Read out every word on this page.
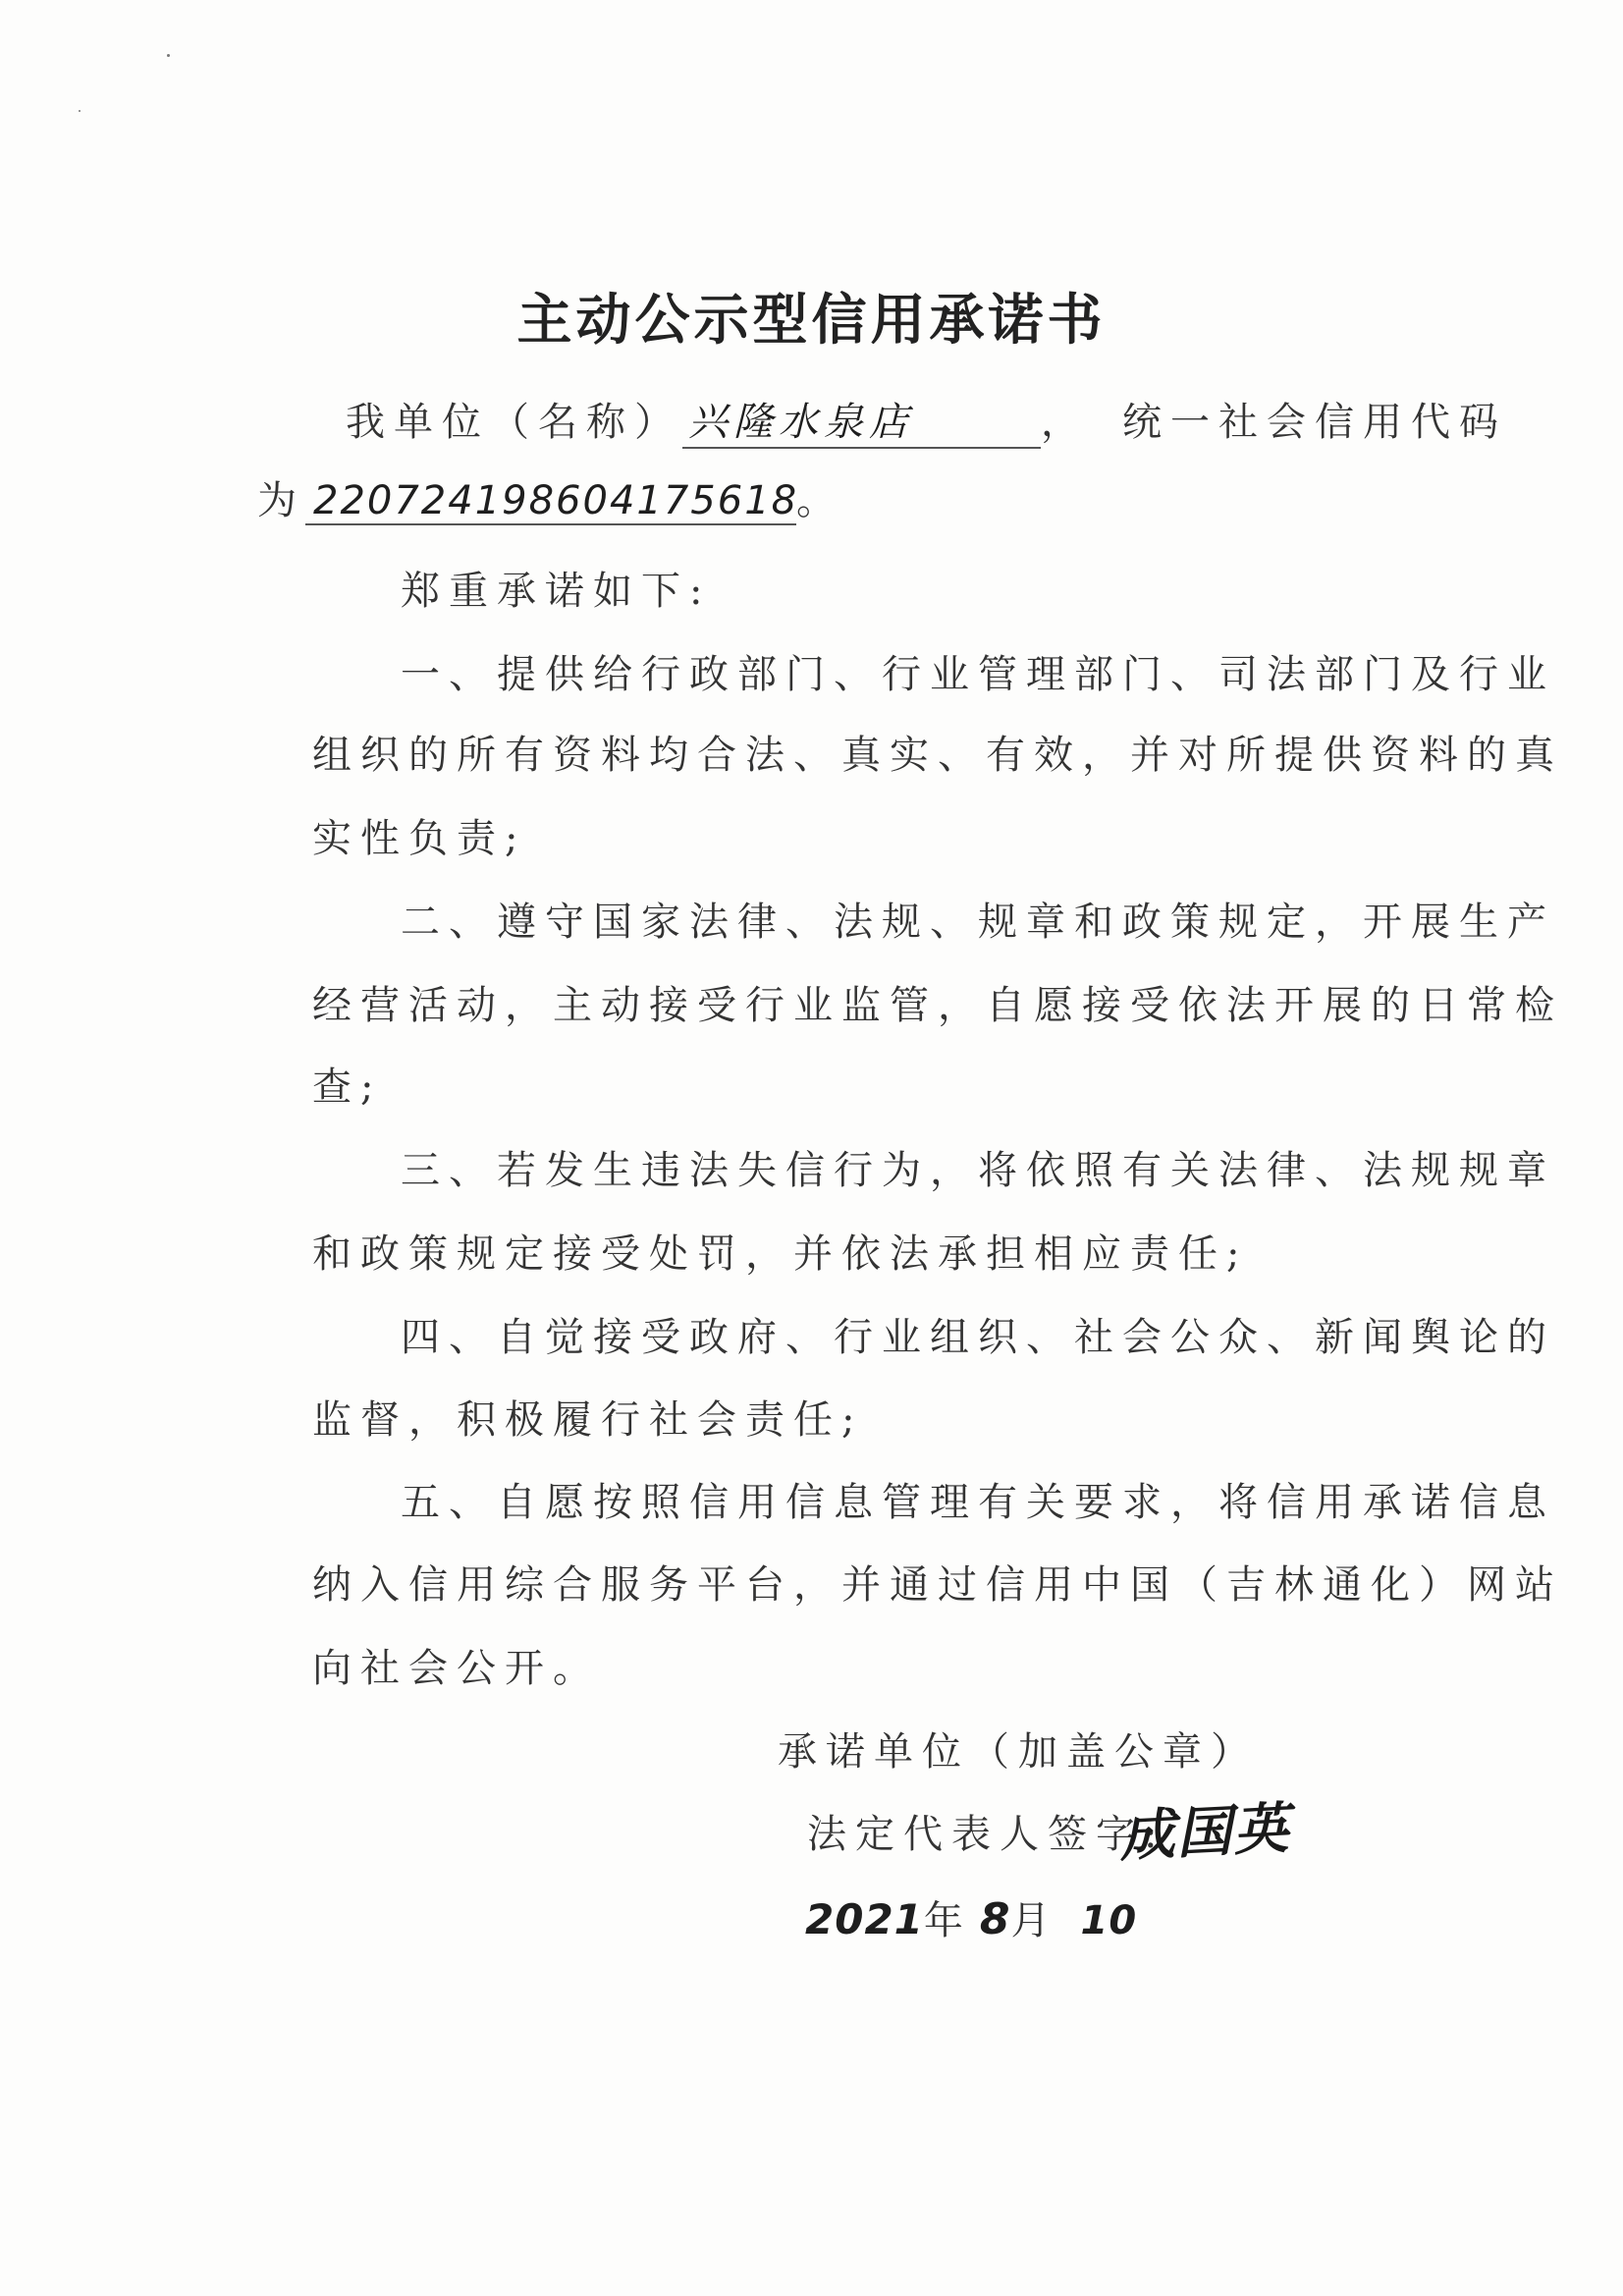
主动公示型信用承诺书
我单位（名称） 兴隆水泉店	， 统一社会信用代码
为 220724198604175618。
郑重承诺如下:
一、提供给行政部门、行业管理部门、司法部门及行业
组织的所有资料均合法、真实、有效，并对所提供资料的真
实性负责;
二、遵守国家法律、法规、规章和政策规定，开展生产
经营活动，主动接受行业监管，自愿接受依法开展的日常检
查;
三、若发生违法失信行为，将依照有关法律、法规规章
和政策规定接受处罚，并依法承担相应责任;
四、自觉接受政府、行业组织、社会公众、新闻舆论的
监督，积极履行社会责任;
五、自愿按照信用信息管理有关要求，将信用承诺信息
纳入信用综合服务平台，并通过信用中国（吉林通化）网站
向社会公开。
承诺单位（加盖公章）
法定代表人签字:
成国英
2021年 8月 10
